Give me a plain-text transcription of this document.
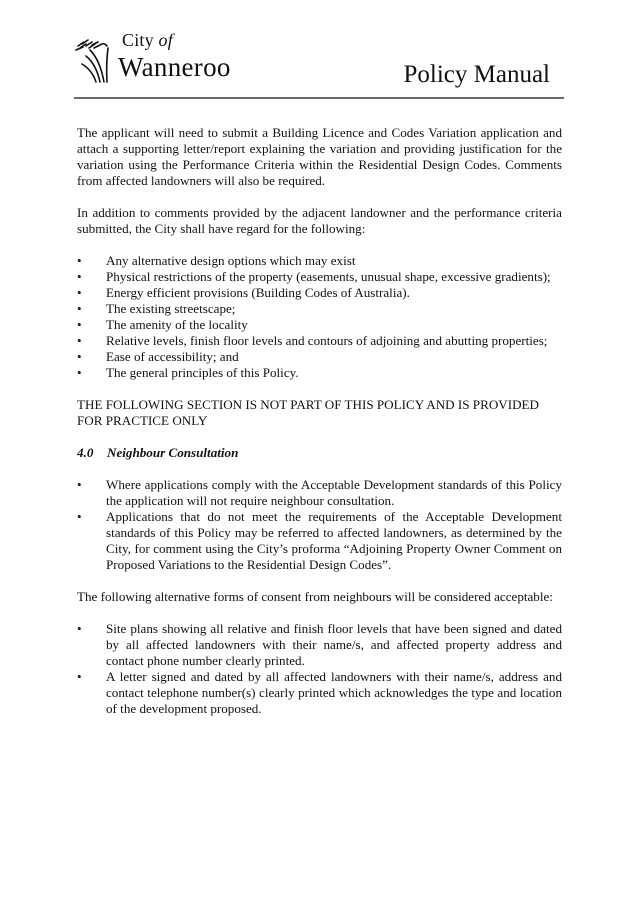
City of
Wanneroo	Policy Manual

The applicant will need to submit a Building Licence and Codes Variation application and attach a supporting letter/report explaining the variation and providing justification for the variation using the Performance Criteria within the Residential Design Codes. Comments from affected landowners will also be required.

In addition to comments provided by the adjacent landowner and the performance criteria submitted, the City shall have regard for the following:

• Any alternative design options which may exist
• Physical restrictions of the property (easements, unusual shape, excessive gradients);
• Energy efficient provisions (Building Codes of Australia).
• The existing streetscape;
• The amenity of the locality
• Relative levels, finish floor levels and contours of adjoining and abutting properties;
• Ease of accessibility; and
• The general principles of this Policy.

THE FOLLOWING SECTION IS NOT PART OF THIS POLICY AND IS PROVIDED FOR PRACTICE ONLY

4.0	Neighbour Consultation
• Where applications comply with the Acceptable Development standards of this Policy the application will not require neighbour consultation.
• Applications that do not meet the requirements of the Acceptable Development standards of this Policy may be referred to affected landowners, as determined by the City, for comment using the City’s proforma “Adjoining Property Owner Comment on Proposed Variations to the Residential Design Codes”.

The following alternative forms of consent from neighbours will be considered acceptable:

• Site plans showing all relative and finish floor levels that have been signed and dated by all affected landowners with their name/s, and affected property address and contact phone number clearly printed.
• A letter signed and dated by all affected landowners with their name/s, address and contact telephone number(s) clearly printed which acknowledges the type and location of the development proposed.
